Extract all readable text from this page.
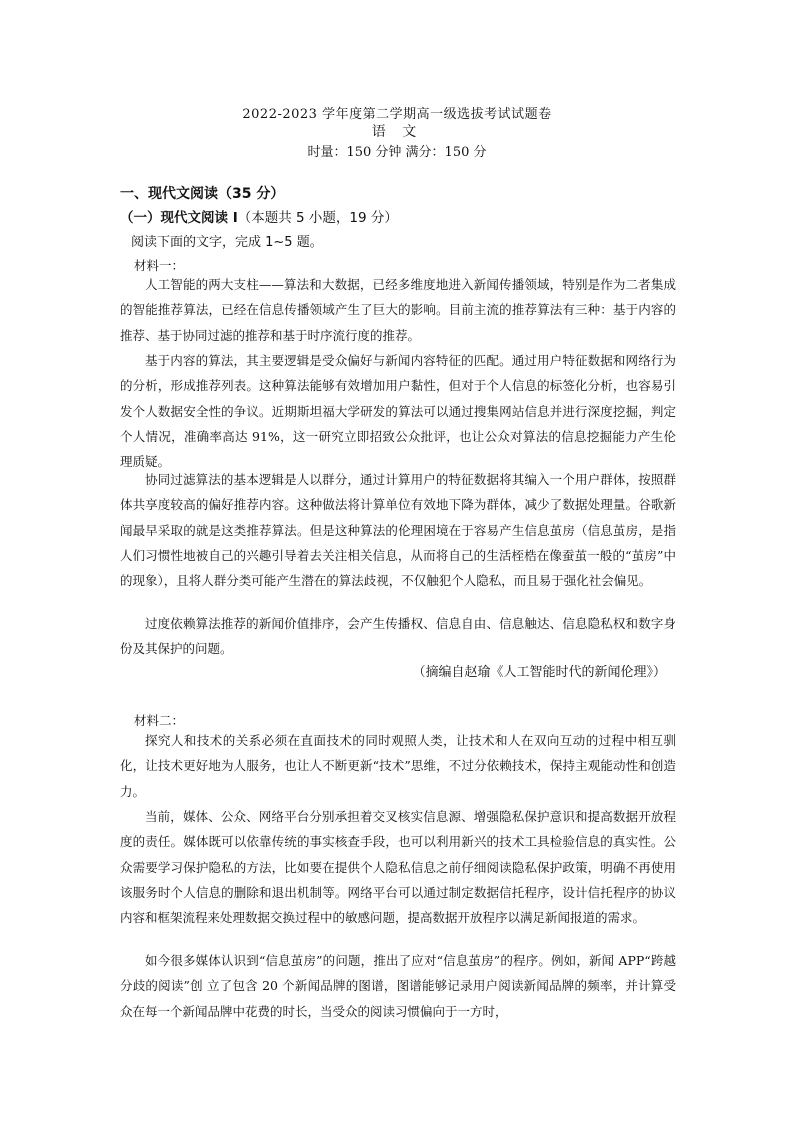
2022-2023 学年度第二学期高一级选拔考试试题卷
语 文
时量：150 分钟 满分：150 分
一、现代文阅读（35 分）
（一）现代文阅读 I（本题共 5 小题，19 分）
阅读下面的文字，完成 1~5 题。
材料一：

人工智能的两大支柱——算法和大数据，已经多维度地进入新闻传播领域，特别是作为二者集成的智能推荐算法，已经在信息传播领域产生了巨大的影响。目前主流的推荐算法有三种：基于内容的推荐、基于协同过滤的推荐和基于时序流行度的推荐。

基于内容的算法，其主要逻辑是受众偏好与新闻内容特征的匹配。通过用户特征数据和网络行为的分析，形成推荐列表。这种算法能够有效增加用户黏性，但对于个人信息的标签化分析，也容易引发个人数据安全性的争议。近期斯坦福大学研发的算法可以通过搜集网站信息并进行深度挖掘，判定个人情况，准确率高达 91%，这一研究立即招致公众批评，也让公众对算法的信息挖掘能力产生伦理质疑。

协同过滤算法的基本逻辑是人以群分，通过计算用户的特征数据将其编入一个用户群体，按照群体共享度较高的偏好推荐内容。这种做法将计算单位有效地下降为群体，减少了数据处理量。谷歌新闻最早采取的就是这类推荐算法。但是这种算法的伦理困境在于容易产生信息茧房（信息茧房，是指人们习惯性地被自己的兴趣引导着去关注相关信息，从而将自己的生活桎梏在像蚕茧一般的“茧房”中的现象），且将人群分类可能产生潜在的算法歧视，不仅触犯个人隐私，而且易于强化社会偏见。

过度依赖算法推荐的新闻价值排序，会产生传播权、信息自由、信息触达、信息隐私权和数字身份及其保护的问题。

（摘编自赵瑜《人工智能时代的新闻伦理》）
材料二：

探究人和技术的关系必须在直面技术的同时观照人类，让技术和人在双向互动的过程中相互驯化，让技术更好地为人服务，也让人不断更新“技术”思维，不过分依赖技术，保持主观能动性和创造力。

当前，媒体、公众、网络平台分别承担着交叉核实信息源、增强隐私保护意识和提高数据开放程度的责任。媒体既可以依靠传统的事实核查手段，也可以利用新兴的技术工具检验信息的真实性。公众需要学习保护隐私的方法，比如要在提供个人隐私信息之前仔细阅读隐私保护政策，明确不再使用该服务时个人信息的删除和退出机制等。网络平台可以通过制定数据信托程序，设计信托程序的协议内容和框架流程来处理数据交换过程中的敏感问题，提高数据开放程序以满足新闻报道的需求。

如今很多媒体认识到“信息茧房”的问题，推出了应对“信息茧房”的程序。例如，新闻 APP“跨越分歧的阅读”创 立了包含 20 个新闻品牌的图谱，图谱能够记录用户阅读新闻品牌的频率，并计算受众在每一个新闻品牌中花费的时长，当受众的阅读习惯偏向于一方时，
